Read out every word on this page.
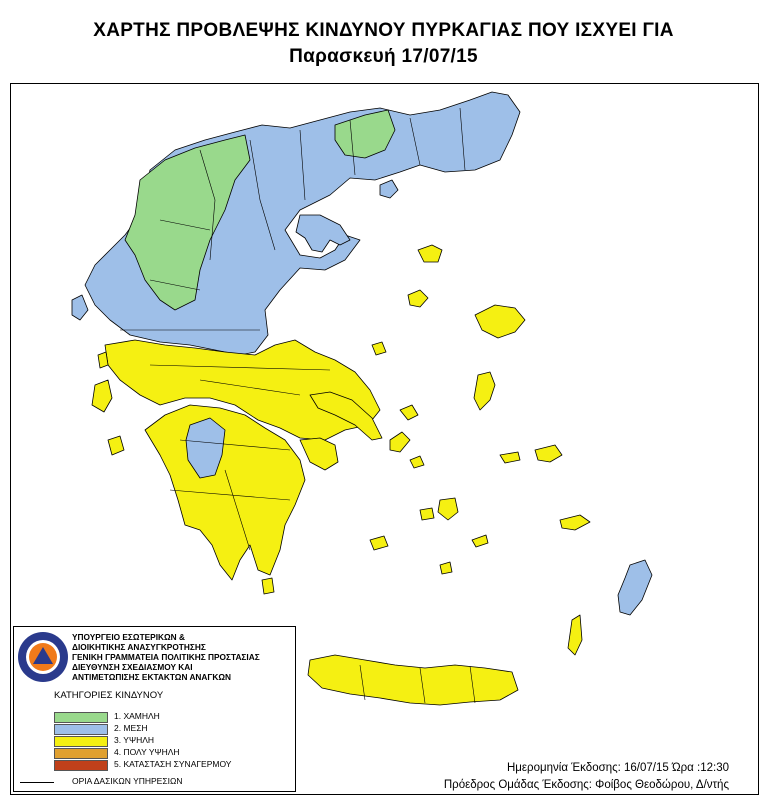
ΧΑΡΤΗΣ ΠΡΟΒΛΕΨΗΣ ΚΙΝΔΥΝΟΥ ΠΥΡΚΑΓΙΑΣ ΠΟΥ ΙΣΧΥΕΙ ΓΙΑ
Παρασκευή 17/07/15
ΥΠΟΥΡΓΕΙΟ ΕΣΩΤΕΡΙΚΩΝ &
ΔΙΟΙΚΗΤΙΚΗΣ ΑΝΑΣΥΓΚΡΟΤΗΣΗΣ
ΓΕΝΙΚΗ ΓΡΑΜΜΑΤΕΙΑ ΠΟΛΙΤΙΚΗΣ ΠΡΟΣΤΑΣΙΑΣ
ΔΙΕΥΘΥΝΣΗ ΣΧΕΔΙΑΣΜΟΥ ΚΑΙ
ΑΝΤΙΜΕΤΩΠΙΣΗΣ ΕΚΤΑΚΤΩΝ ΑΝΑΓΚΩΝ
ΚΑΤΗΓΟΡΙΕΣ ΚΙΝΔΥΝΟΥ
1. ΧΑΜΗΛΗ
2. ΜΕΣΗ
3. ΥΨΗΛΗ
4. ΠΟΛΥ ΥΨΗΛΗ
5. ΚΑΤΑΣΤΑΣΗ ΣΥΝΑΓΕΡΜΟΥ
ΟΡΙΑ ΔΑΣΙΚΩΝ ΥΠΗΡΕΣΙΩΝ
Ημερομηνία Έκδοσης: 16/07/15 Ώρα :12:30
Πρόεδρος Ομάδας Έκδοσης: Φοίβος Θεοδώρου, Δ/ντής
